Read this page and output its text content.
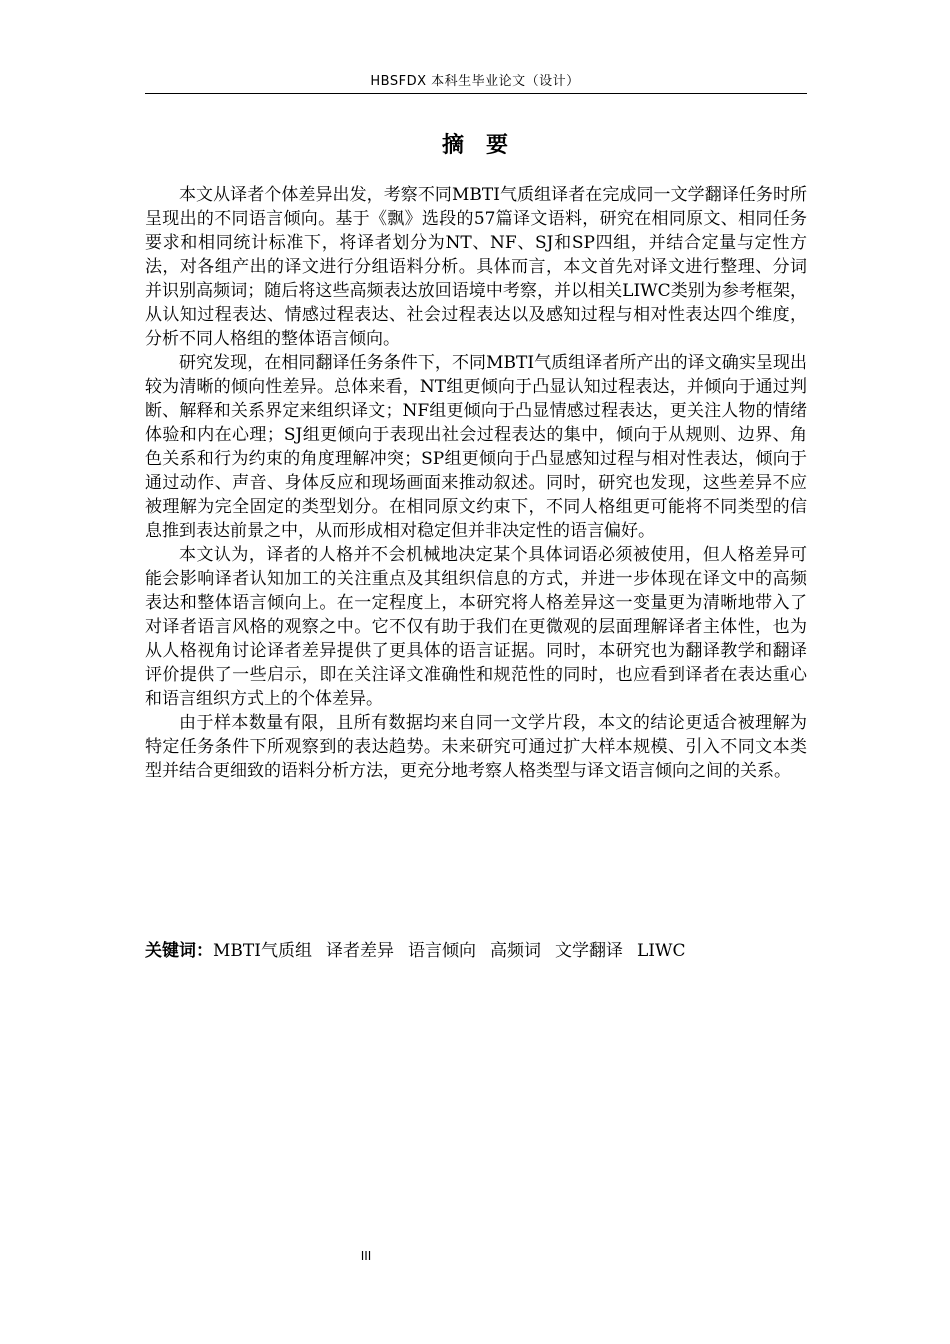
HBSFDX 本科生毕业论文（设计）
摘要

本文从译者个体差异出发，考察不同MBTI气质组译者在完成同一文学翻译任务时所呈现出的不同语言倾向。基于《飘》选段的57篇译文语料，研究在相同原文、相同任务要求和相同统计标准下，将译者划分为NT、NF、SJ和SP四组，并结合定量与定性方法，对各组产出的译文进行分组语料分析。具体而言，本文首先对译文进行整理、分词并识别高频词；随后将这些高频表达放回语境中考察，并以相关LIWC类别为参考框架，从认知过程表达、情感过程表达、社会过程表达以及感知过程与相对性表达四个维度，分析不同人格组的整体语言倾向。

研究发现，在相同翻译任务条件下，不同MBTI气质组译者所产出的译文确实呈现出较为清晰的倾向性差异。总体来看，NT组更倾向于凸显认知过程表达，并倾向于通过判断、解释和关系界定来组织译文；NF组更倾向于凸显情感过程表达，更关注人物的情绪体验和内在心理；SJ组更倾向于表现出社会过程表达的集中，倾向于从规则、边界、角色关系和行为约束的角度理解冲突；SP组更倾向于凸显感知过程与相对性表达，倾向于通过动作、声音、身体反应和现场画面来推动叙述。同时，研究也发现，这些差异不应被理解为完全固定的类型划分。在相同原文约束下，不同人格组更可能将不同类型的信息推到表达前景之中，从而形成相对稳定但并非决定性的语言偏好。

本文认为，译者的人格并不会机械地决定某个具体词语必须被使用，但人格差异可能会影响译者认知加工的关注重点及其组织信息的方式，并进一步体现在译文中的高频表达和整体语言倾向上。在一定程度上，本研究将人格差异这一变量更为清晰地带入了对译者语言风格的观察之中。它不仅有助于我们在更微观的层面理解译者主体性，也为从人格视角讨论译者差异提供了更具体的语言证据。同时，本研究也为翻译教学和翻译评价提供了一些启示，即在关注译文准确性和规范性的同时，也应看到译者在表达重心和语言组织方式上的个体差异。

由于样本数量有限，且所有数据均来自同一文学片段，本文的结论更适合被理解为特定任务条件下所观察到的表达趋势。未来研究可通过扩大样本规模、引入不同文本类型并结合更细致的语料分析方法，更充分地考察人格类型与译文语言倾向之间的关系。

关键词：MBTI气质组 译者差异 语言倾向 高频词 文学翻译 LIWC
III
